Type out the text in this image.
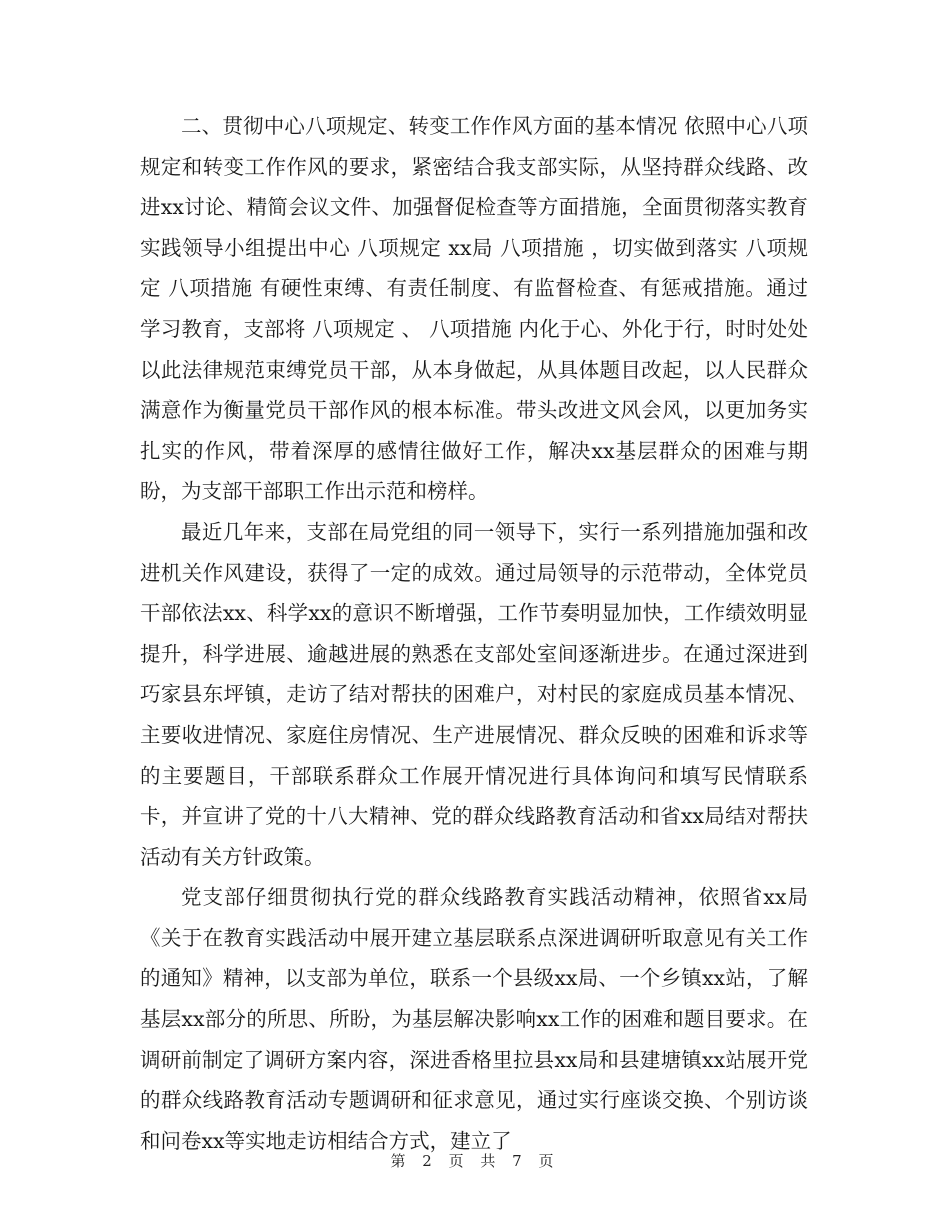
二、贯彻中心八项规定、转变工作作风方面的基本情况 依照中心八项规定和转变工作作风的要求，紧密结合我支部实际，从坚持群众线路、改进xx讨论、精简会议文件、加强督促检查等方面措施，全面贯彻落实教育实践领导小组提出中心 八项规定 xx局 八项措施 ，切实做到落实 八项规定 八项措施 有硬性束缚、有责任制度、有监督检查、有惩戒措施。通过学习教育，支部将 八项规定 、 八项措施 内化于心、外化于行，时时处处以此法律规范束缚党员干部，从本身做起，从具体题目改起，以人民群众满意作为衡量党员干部作风的根本标准。带头改进文风会风，以更加务实扎实的作风，带着深厚的感情往做好工作，解决xx基层群众的困难与期盼，为支部干部职工作出示范和榜样。

最近几年来，支部在局党组的同一领导下，实行一系列措施加强和改进机关作风建设，获得了一定的成效。通过局领导的示范带动，全体党员干部依法xx、科学xx的意识不断增强，工作节奏明显加快，工作绩效明显提升，科学进展、逾越进展的熟悉在支部处室间逐渐进步。在通过深进到巧家县东坪镇，走访了结对帮扶的困难户，对村民的家庭成员基本情况、主要收进情况、家庭住房情况、生产进展情况、群众反映的困难和诉求等的主要题目，干部联系群众工作展开情况进行具体询问和填写民情联系卡，并宣讲了党的十八大精神、党的群众线路教育活动和省xx局结对帮扶活动有关方针政策。

党支部仔细贯彻执行党的群众线路教育实践活动精神，依照省xx局《关于在教育实践活动中展开建立基层联系点深进调研听取意见有关工作的通知》精神，以支部为单位，联系一个县级xx局、一个乡镇xx站，了解基层xx部分的所思、所盼，为基层解决影响xx工作的困难和题目要求。在调研前制定了调研方案内容，深进香格里拉县xx局和县建塘镇xx站展开党的群众线路教育活动专题调研和征求意见，通过实行座谈交换、个别访谈和问卷xx等实地走访相结合方式，建立了

第 2 页 共 7 页
